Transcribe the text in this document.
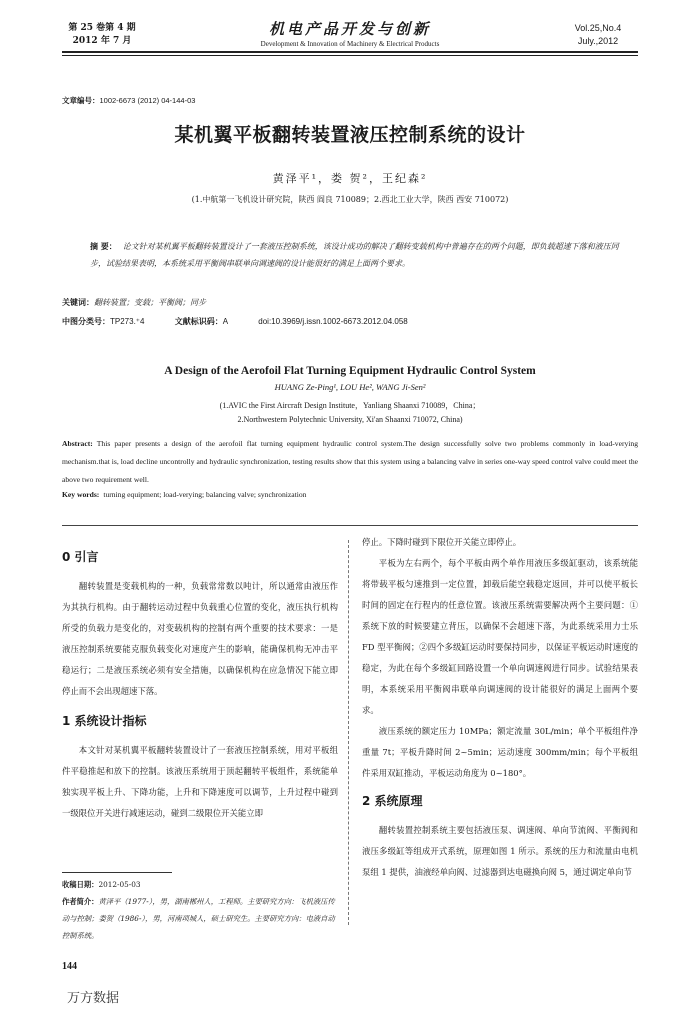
第 25 卷第 4 期
2012 年 7 月
机电产品开发与创新
Development & Innovation of Machinery & Electrical Products
Vol.25,No.4
July.,2012
文章编号：1002-6673 (2012) 04-144-03
某机翼平板翻转装置液压控制系统的设计
黄泽平¹，娄 贺²，王纪森²
(1.中航第一飞机设计研究院，陕西 阎良 710089；2.西北工业大学，陕西 西安 710072)
摘 要： 论文针对某机翼平板翻转装置设计了一套液压控制系统，该设计成功的解决了翻转变载机构中普遍存在的两个问题，即负载超速下落和液压同步，试验结果表明，本系统采用平衡阀串联单向调速阀的设计能很好的满足上面两个要求。
关键词：翻转装置；变载；平衡阀；同步
中图分类号：TP273.⁺4	文献标识码：A	doi:10.3969/j.issn.1002-6673.2012.04.058
A Design of the Aerofoil Flat Turning Equipment Hydraulic Control System
HUANG Ze-Ping¹, LOU He², WANG Ji-Sen²
(1.AVIC the First Aircraft Design Institute，Yanliang Shaanxi 710089，China；
2.Northwestern Polytechnic University, Xi'an Shaanxi 710072, China)
Abstract: This paper presents a design of the aerofoil flat turning equipment hydraulic control system.The design successfully solve two problems commonly in load-verying mechanism.that is, load decline uncontrolly and hydraulic synchronization, testing results show that this system using a balancing valve in series one-way speed control valve could meet the above two requirement well.
Key words: turning equipment; load-verying; balancing valve; synchronization
0 引言

翻转装置是变载机构的一种，负载常常数以吨计，所以通常由液压作为其执行机构。由于翻转运动过程中负载重心位置的变化，液压执行机构所受的负载力是变化的，对变载机构的控制有两个重要的技术要求：一是液压控制系统要能克服负载变化对速度产生的影响，能确保机构无冲击平稳运行；二是液压系统必须有安全措施，以确保机构在应急情况下能立即停止而不会出现超速下落。

1 系统设计指标

本文针对某机翼平板翻转装置设计了一套液压控制系统，用对平板组件平稳推起和放下的控制。该液压系统用于顶起翻转平板组件，系统能单独实现平板上升、下降功能，上升和下降速度可以调节，上升过程中碰到一级限位开关进行减速运动，碰到二级限位开关能立即

收稿日期：2012-05-03
作者简介：黄泽平（1977-），男，湖南郴州人，工程师。主要研究方向：飞机液压传动与控制；娄贺（1986-），男，河南项城人，硕士研究生。主要研究方向：电液自动控制系统。

停止。下降时碰到下限位开关能立即停止。

平板为左右两个，每个平板由两个单作用液压多级缸驱动，该系统能将带载平板匀速推到一定位置，卸载后能空载稳定返回，并可以使平板长时间的固定在行程内的任意位置。该液压系统需要解决两个主要问题：①系统下放的时候要建立背压，以确保不会超速下落，为此系统采用力士乐 FD 型平衡阀；②四个多级缸运动时要保持同步，以保证平板运动时速度的稳定，为此在每个多级缸回路设置一个单向调速阀进行同步。试验结果表明，本系统采用平衡阀串联单向调速阀的设计能很好的满足上面两个要求。

液压系统的额定压力 10MPa；额定流量 30L/min；单个平板组件净重量 7t；平板升降时间 2~5min；运动速度 300mm/min；每个平板组件采用双缸推动，平板运动角度为 0~180°。

2 系统原理

翻转装置控制系统主要包括液压泵、调速阀、单向节流阀、平衡阀和液压多级缸等组成开式系统，原理如图 1 所示。系统的压力和流量由电机泵组 1 提供，油液经单向阀、过滤器到达电磁换向阀 5，通过调定单向节

144
万方数据
